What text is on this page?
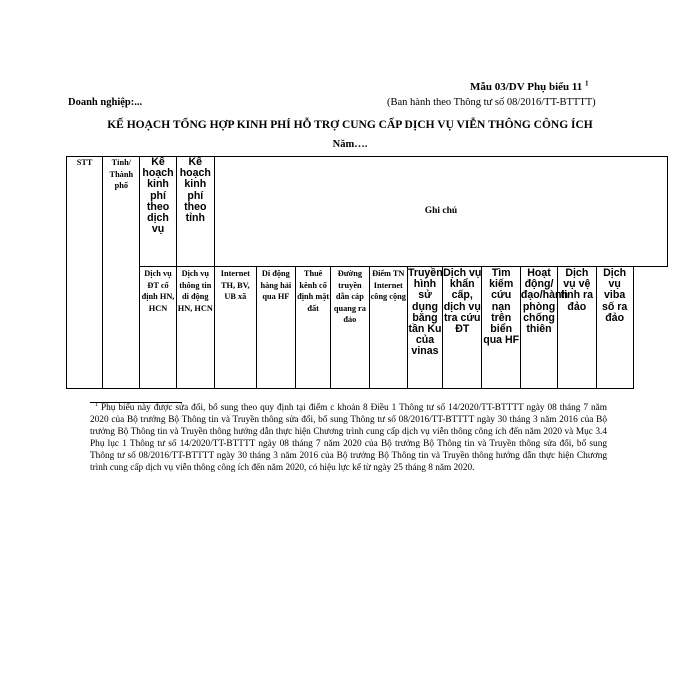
Mẫu 03/DV Phụ biểu 11 $^1$
Doanh nghiệp:...	(Ban hành theo Thông tư số 08/2016/TT-BTTTT)
KẾ HOẠCH TỔNG HỢP KINH PHÍ HỖ TRỢ CUNG CẤP DỊCH VỤ VIỄN THÔNG CÔNG ÍCH
Năm….
STT	Tỉnh/ Thành phố	Kế hoạch kinh phí theo dịch vụ	Kế hoạch kinh phí theo tỉnh	Ghi chú										

		Dịch vụ ĐT cố định HN, HCN	Dịch vụ thông tin di động HN, HCN	Internet TH, BV, UB xã	Di động hàng hải qua HF	Thuê kênh cố định mặt đất	Đường truyền dẫn cáp quang ra đảo	Điểm TN Internet công cộng	Truyền hình sử dụng băng tần Ku của vinas	Dịch vụ khẩn cấp, dịch vụ tra cứu ĐT	Tìm kiếm cứu nạn trên biển qua HF	Hoạt động/đạo/hành phòng chống thiên	Dịch vụ vệ tinh ra đảo	Dịch vụ viba số ra đảo
$^1$ Phụ biểu này được sửa đổi, bổ sung theo quy định tại điểm c khoản 8 Điều 1 Thông tư số 14/2020/TT-BTTTT ngày 08 tháng 7 năm 2020 của Bộ trưởng Bộ Thông tin và Truyền thông sửa đổi, bổ sung Thông tư số 08/2016/TT-BTTTT ngày 30 tháng 3 năm 2016 của Bộ trưởng Bộ Thông tin và Truyền thông hướng dẫn thực hiện Chương trình cung cấp dịch vụ viễn thông công ích đến năm 2020 và Mục 3.4 Phụ lục 1 Thông tư số 14/2020/TT-BTTTT ngày 08 tháng 7 năm 2020 của Bộ trưởng Bộ Thông tin và Truyền thông sửa đổi, bổ sung Thông tư số 08/2016/TT-BTTTT ngày 30 tháng 3 năm 2016 của Bộ trưởng Bộ Thông tin và Truyền thông hướng dẫn thực hiện Chương trình cung cấp dịch vụ viễn thông công ích đến năm 2020, có hiệu lực kể từ ngày 25 tháng 8 năm 2020.
